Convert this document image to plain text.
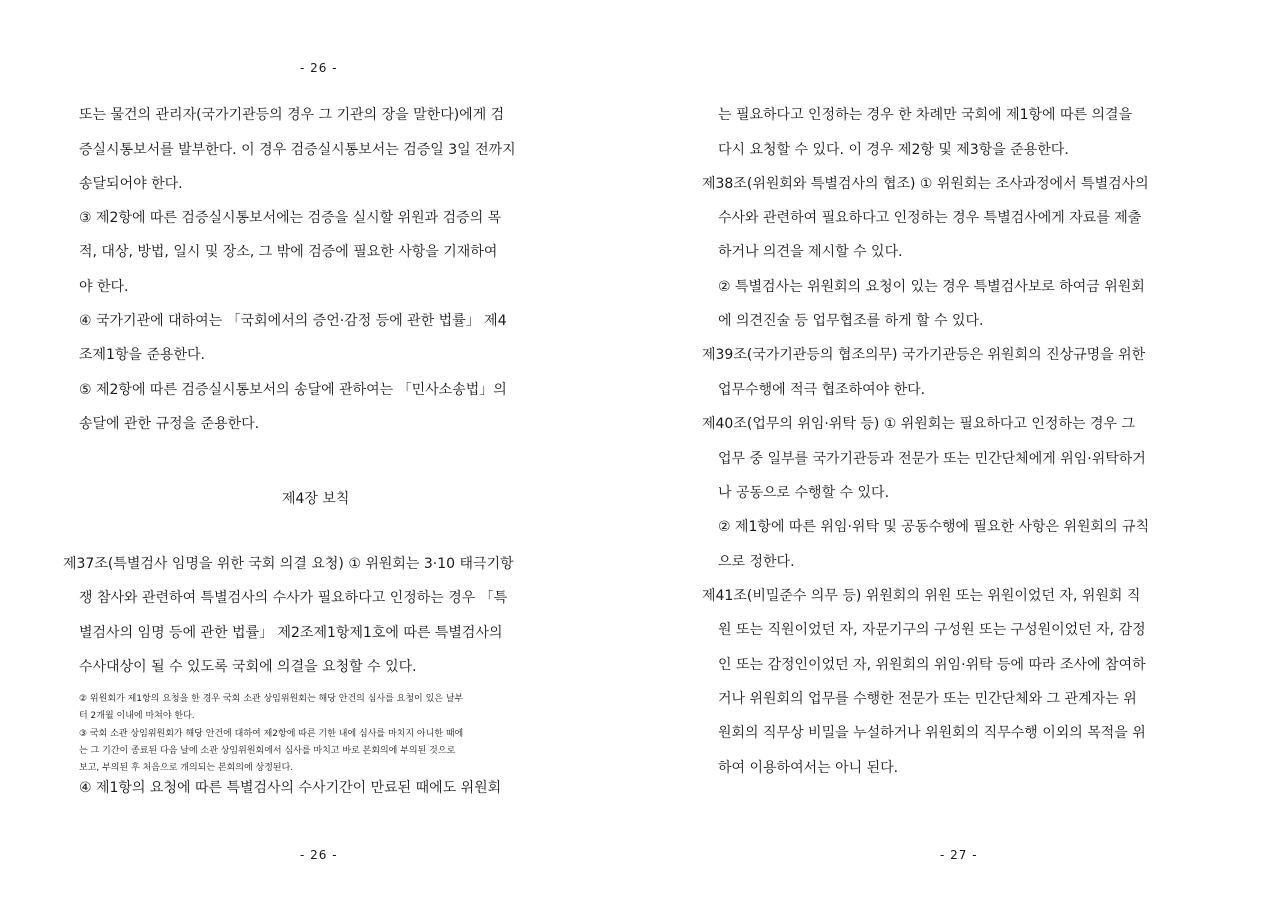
- 26 -
또는 물건의 관리자(국가기관등의 경우 그 기관의 장을 말한다)에게 검
증실시통보서를 발부한다. 이 경우 검증실시통보서는 검증일 3일 전까지
송달되어야 한다.
③ 제2항에 따른 검증실시통보서에는 검증을 실시할 위원과 검증의 목
적, 대상, 방법, 일시 및 장소, 그 밖에 검증에 필요한 사항을 기재하여
야 한다.
④ 국가기관에 대하여는 「국회에서의 증언·감정 등에 관한 법률」 제4
조제1항을 준용한다.
⑤ 제2항에 따른 검증실시통보서의 송달에 관하여는 「민사소송법」의
송달에 관한 규정을 준용한다.
제4장 보칙
제37조(특별검사 임명을 위한 국회 의결 요청) ① 위원회는 3·10 태극기항
쟁 참사와 관련하여 특별검사의 수사가 필요하다고 인정하는 경우 「특
별검사의 임명 등에 관한 법률」 제2조제1항제1호에 따른 특별검사의
수사대상이 될 수 있도록 국회에 의결을 요청할 수 있다.
② 위원회가 제1항의 요청을 한 경우 국회 소관 상임위원회는 해당 안건의 심사를 요청이 있은 날부
터 2개월 이내에 마쳐야 한다.
③ 국회 소관 상임위원회가 해당 안건에 대하여 제2항에 따른 기한 내에 심사를 마치지 아니한 때에
는 그 기간이 종료된 다음 날에 소관 상임위원회에서 심사를 마치고 바로 본회의에 부의된 것으로
보고, 부의된 후 처음으로 개의되는 본회의에 상정된다.
④ 제1항의 요청에 따른 특별검사의 수사기간이 만료된 때에도 위원회
- 26 -
는 필요하다고 인정하는 경우 한 차례만 국회에 제1항에 따른 의결을
다시 요청할 수 있다. 이 경우 제2항 및 제3항을 준용한다.
제38조(위원회와 특별검사의 협조) ① 위원회는 조사과정에서 특별검사의
수사와 관련하여 필요하다고 인정하는 경우 특별검사에게 자료를 제출
하거나 의견을 제시할 수 있다.
② 특별검사는 위원회의 요청이 있는 경우 특별검사보로 하여금 위원회
에 의견진술 등 업무협조를 하게 할 수 있다.
제39조(국가기관등의 협조의무) 국가기관등은 위원회의 진상규명을 위한
업무수행에 적극 협조하여야 한다.
제40조(업무의 위임·위탁 등) ① 위원회는 필요하다고 인정하는 경우 그
업무 중 일부를 국가기관등과 전문가 또는 민간단체에게 위임·위탁하거
나 공동으로 수행할 수 있다.
② 제1항에 따른 위임·위탁 및 공동수행에 필요한 사항은 위원회의 규칙
으로 정한다.
제41조(비밀준수 의무 등) 위원회의 위원 또는 위원이었던 자, 위원회 직
원 또는 직원이었던 자, 자문기구의 구성원 또는 구성원이었던 자, 감정
인 또는 감정인이었던 자, 위원회의 위임·위탁 등에 따라 조사에 참여하
거나 위원회의 업무를 수행한 전문가 또는 민간단체와 그 관계자는 위
원회의 직무상 비밀을 누설하거나 위원회의 직무수행 이외의 목적을 위
하여 이용하여서는 아니 된다.
- 27 -
